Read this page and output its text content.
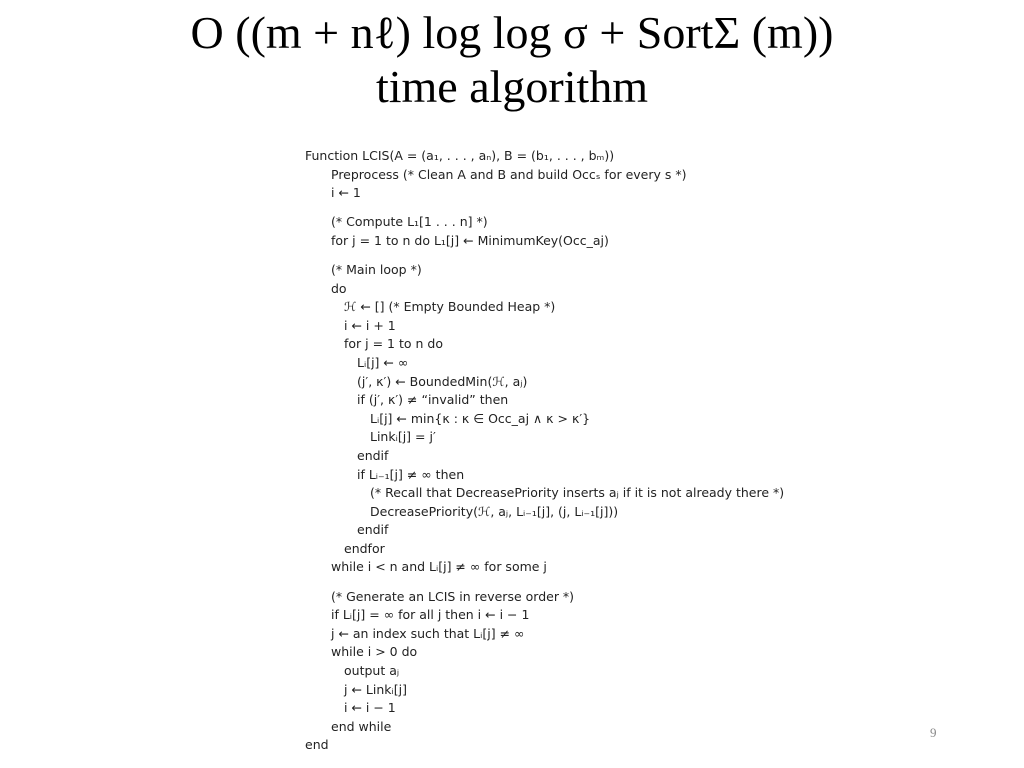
O ((m + nℓ) log log σ + SortΣ (m))
time algorithm
Function LCIS(A = (a₁, . . . , aₙ), B = (b₁, . . . , bₘ))
Preprocess (* Clean A and B and build Occₛ for every s *)
i ← 1
(* Compute L₁[1 . . . n] *)
for j = 1 to n do L₁[j] ← MinimumKey(Occ_aj)
(* Main loop *)
do
ℋ ← [] (* Empty Bounded Heap *)
i ← i + 1
for j = 1 to n do
Lᵢ[j] ← ∞
(j′, κ′) ← BoundedMin(ℋ, aⱼ)
if (j′, κ′) ≠ “invalid” then
Lᵢ[j] ← min{κ : κ ∈ Occ_aj ∧ κ > κ′}
Linkᵢ[j] = j′
endif
if Lᵢ₋₁[j] ≠ ∞ then
(* Recall that DecreasePriority inserts aⱼ if it is not already there *)
DecreasePriority(ℋ, aⱼ, Lᵢ₋₁[j], (j, Lᵢ₋₁[j]))
endif
endfor
while i < n and Lᵢ[j] ≠ ∞ for some j
(* Generate an LCIS in reverse order *)
if Lᵢ[j] = ∞ for all j then i ← i − 1
j ← an index such that Lᵢ[j] ≠ ∞
while i > 0 do
output aⱼ
j ← Linkᵢ[j]
i ← i − 1
end while
end
9
